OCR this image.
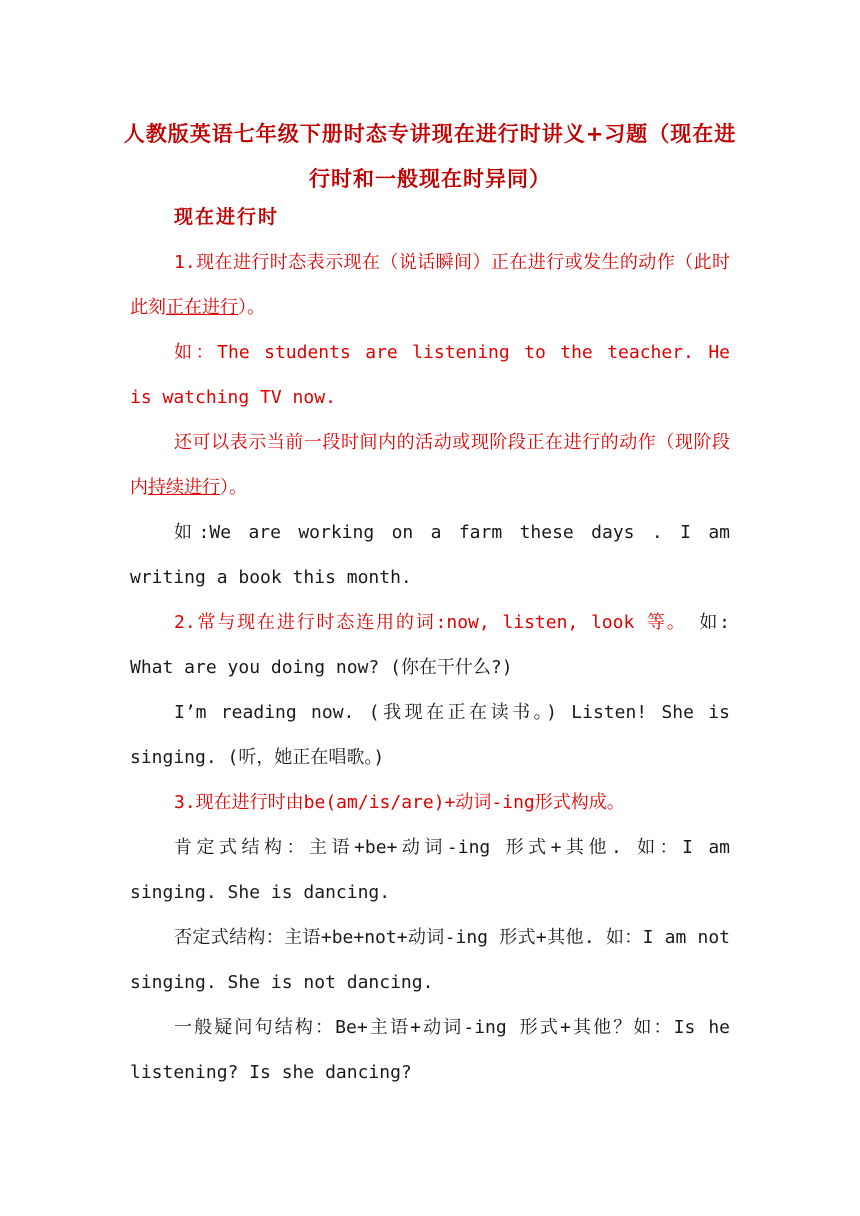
人教版英语七年级下册时态专讲现在进行时讲义+习题（现在进行时和一般现在时异同）
现在进行时

1.现在进行时态表示现在（说话瞬间）正在进行或发生的动作（此时此刻正在进行）。

如：The students are listening to the teacher. He is watching TV now.

还可以表示当前一段时间内的活动或现阶段正在进行的动作（现阶段内持续进行）。

如:We are working on a farm these days . I am writing a book this month.

2.常与现在进行时态连用的词:now, listen, look 等。 如: What are you doing now? (你在干什么?)

I’m reading now. (我现在正在读书。) Listen! She is singing. (听，她正在唱歌。)

3.现在进行时由be(am/is/are)+动词-ing形式构成。

肯定式结构：主语+be+动词-ing 形式+其他. 如：I am singing. She is dancing.

否定式结构：主语+be+not+动词-ing 形式+其他. 如：I am not singing. She is not dancing.

一般疑问句结构：Be+主语+动词-ing 形式+其他？如：Is he listening? Is she dancing?
